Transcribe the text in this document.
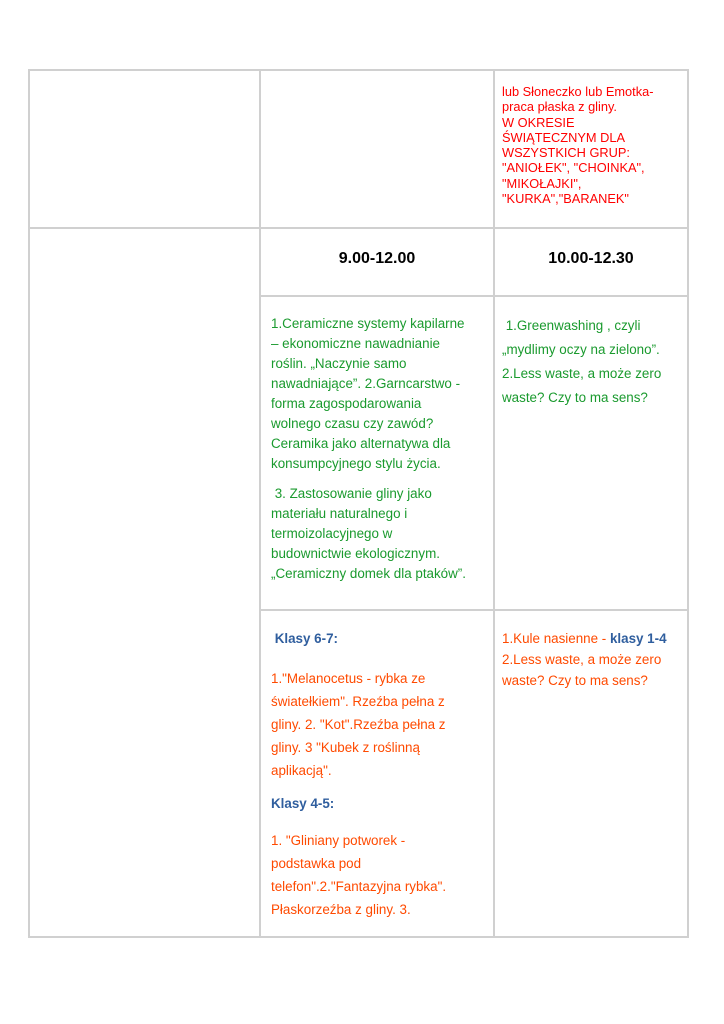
lub Słoneczko lub Emotka-

praca płaska z gliny.

W OKRESIE

ŚWIĄTECZNYM DLA

WSZYSTKICH GRUP:

"ANIOŁEK", "CHOINKA",

"MIKOŁAJKI",

"KURKA","BARANEK"

9.00-12.00	10.00-12.30

1.Ceramiczne systemy kapilarne

– ekonomiczne nawadnianie

roślin. „Naczynie samo

nawadniające”. 2.Garncarstwo -

forma zagospodarowania

wolnego czasu czy zawód?

Ceramika jako alternatywa dla

konsumpcyjnego stylu życia.

3. Zastosowanie gliny jako

materiału naturalnego i

termoizolacyjnego w

budownictwie ekologicznym.

„Ceramiczny domek dla ptaków”.

1.Greenwashing , czyli

„mydlimy oczy na zielono”.

2.Less waste, a może zero

waste? Czy to ma sens?

Klasy 6-7:

1."Melanocetus - rybka ze

światełkiem". Rzeźba pełna z

gliny. 2. "Kot".Rzeźba pełna z

gliny. 3 "Kubek z roślinną

aplikacją".

Klasy 4-5:

1. "Gliniany potworek -

podstawka pod

telefon".2."Fantazyjna rybka".

Płaskorzeźba z gliny. 3.

1.Kule nasienne - klasy 1-4

2.Less waste, a może zero

waste? Czy to ma sens?
